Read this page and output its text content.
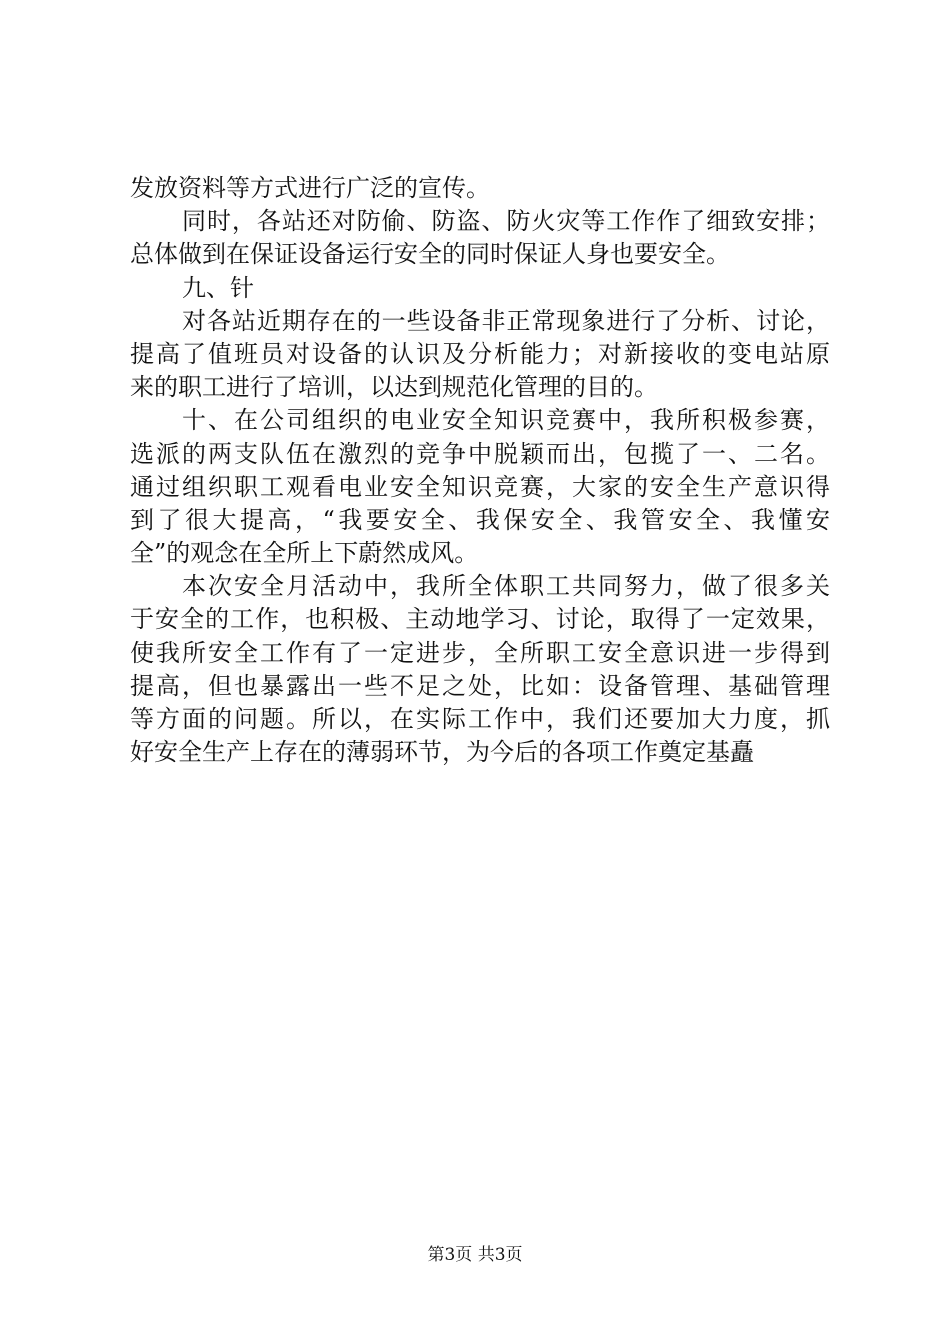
发放资料等方式进行广泛的宣传。
同时，各站还对防偷、防盗、防火灾等工作作了细致安排；
总体做到在保证设备运行安全的同时保证人身也要安全。
九、针
对各站近期存在的一些设备非正常现象进行了分析、讨论，
提高了值班员对设备的认识及分析能力；对新接收的变电站原
来的职工进行了培训，以达到规范化管理的目的。
十、在公司组织的电业安全知识竞赛中，我所积极参赛，
选派的两支队伍在激烈的竞争中脱颖而出，包揽了一、二名。
通过组织职工观看电业安全知识竞赛，大家的安全生产意识得
到了很大提高，“我要安全、我保安全、我管安全、我懂安
全”的观念在全所上下蔚然成风。
本次安全月活动中，我所全体职工共同努力，做了很多关
于安全的工作，也积极、主动地学习、讨论，取得了一定效果，
使我所安全工作有了一定进步，全所职工安全意识进一步得到
提高，但也暴露出一些不足之处，比如：设备管理、基础管理
等方面的问题。所以，在实际工作中，我们还要加大力度，抓
好安全生产上存在的薄弱环节，为今后的各项工作奠定基矗
第3页 共3页
